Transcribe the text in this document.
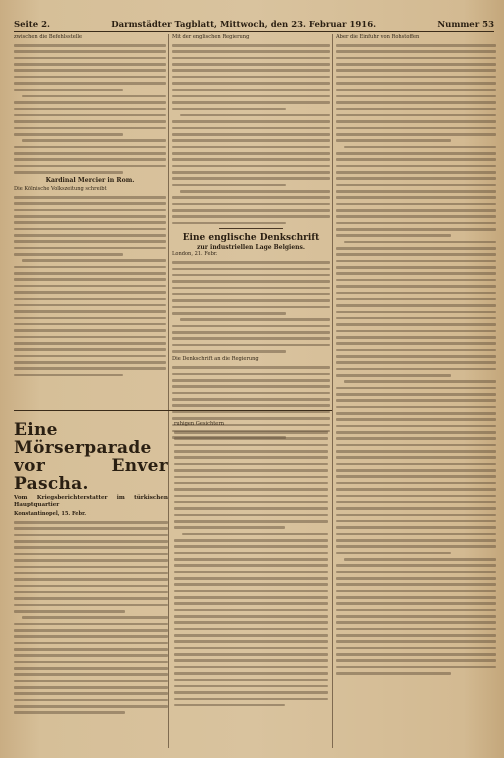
Seite 2.	Darmstädter Tagblatt, Mittwoch, den 23. Februar 1916.	Nummer 53
zwischen die Befehlsstelle
Kardinal Mercier in Rom.
Die Kölnische Volkszeitung schreibt
Mit der englischen Regierung
Eine englische Denkschrift
zur industriellen Lage Belgiens.
London, 21. Febr.
Die Denkschrift an die Regierung
Aber die Einfuhr von Rohstoffen
Eine Mörserparade vor Enver Pascha.
Vom Kriegsberichterstatter im türkischen Hauptquartier
Konstantinopel, 15. Febr.
ruhigen Gesichtern
